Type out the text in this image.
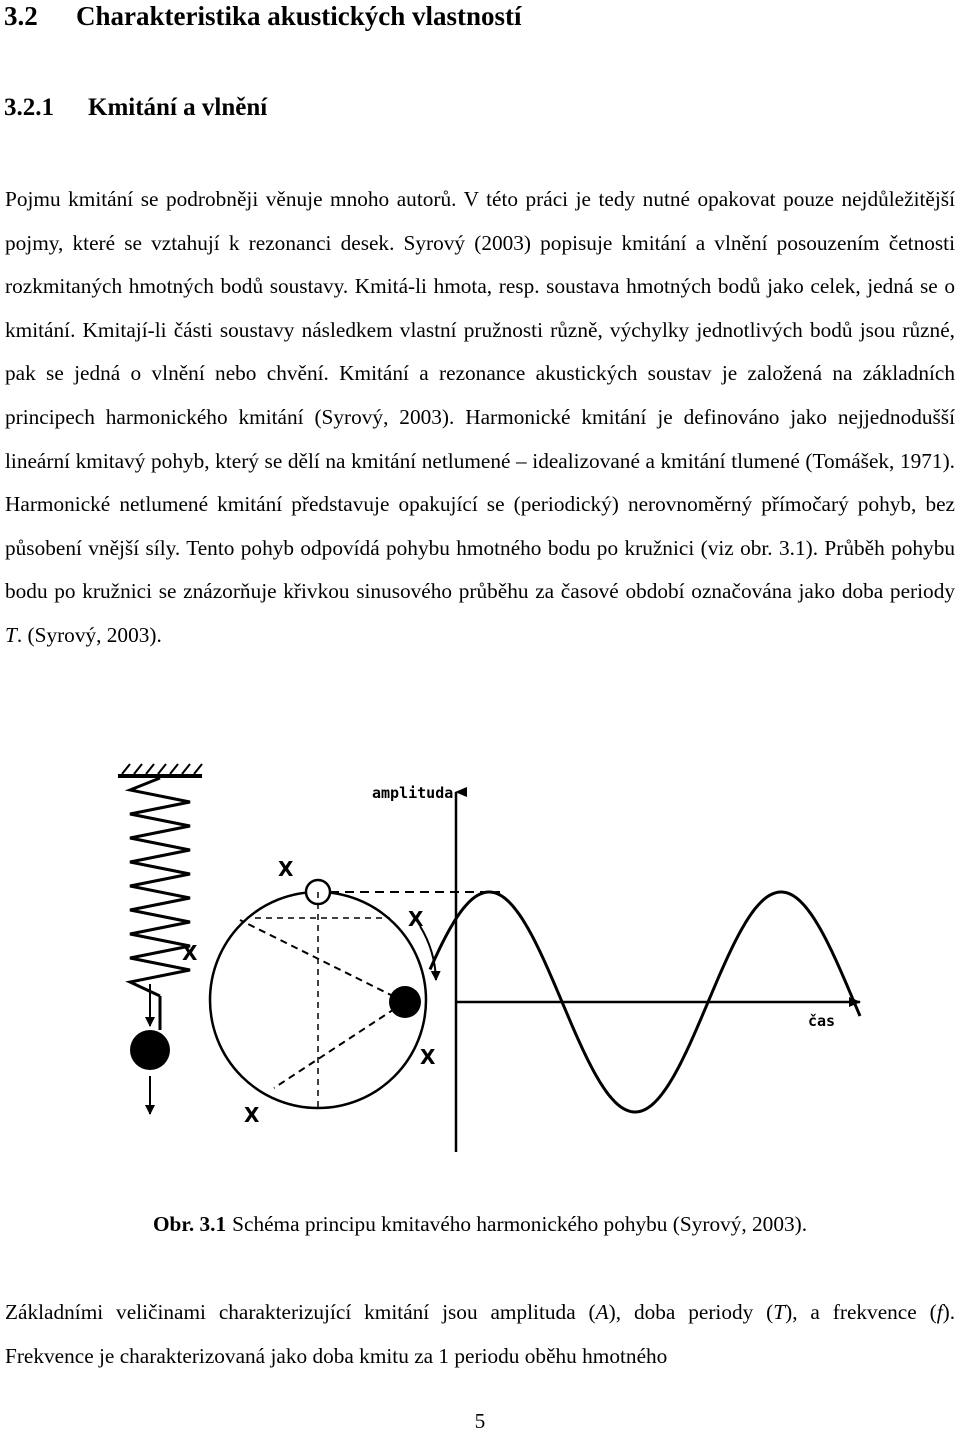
3.2 Charakteristika akustických vlastností
3.2.1 Kmitání a vlnění

Pojmu kmitání se podrobněji věnuje mnoho autorů. V této práci je tedy nutné opakovat pouze nejdůležitější pojmy, které se vztahují k rezonanci desek. Syrový (2003) popisuje kmitání a vlnění posouzením četnosti rozkmitaných hmotných bodů soustavy. Kmitá-li hmota, resp. soustava hmotných bodů jako celek, jedná se o kmitání. Kmitají-li části soustavy následkem vlastní pružnosti různě, výchylky jednotlivých bodů jsou různé, pak se jedná o vlnění nebo chvění. Kmitání a rezonance akustických soustav je založená na základních principech harmonického kmitání (Syrový, 2003). Harmonické kmitání je definováno jako nejjednodušší lineární kmitavý pohyb, který se dělí na kmitání netlumené – idealizované a kmitání tlumené (Tomášek, 1971). Harmonické netlumené kmitání představuje opakující se (periodický) nerovnoměrný přímočarý pohyb, bez působení vnější síly. Tento pohyb odpovídá pohybu hmotného bodu po kružnici (viz obr. 3.1). Průběh pohybu bodu po kružnici se znázorňuje křivkou sinusového průběhu za časové období označována jako doba periody T. (Syrový, 2003).

X
X
X
X
X
amplituda
čas

Obr. 3.1 Schéma principu kmitavého harmonického pohybu (Syrový, 2003).

Základními veličinami charakterizující kmitání jsou amplituda (A), doba periody (T), a frekvence (f). Frekvence je charakterizovaná jako doba kmitu za 1 periodu oběhu hmotného

5
